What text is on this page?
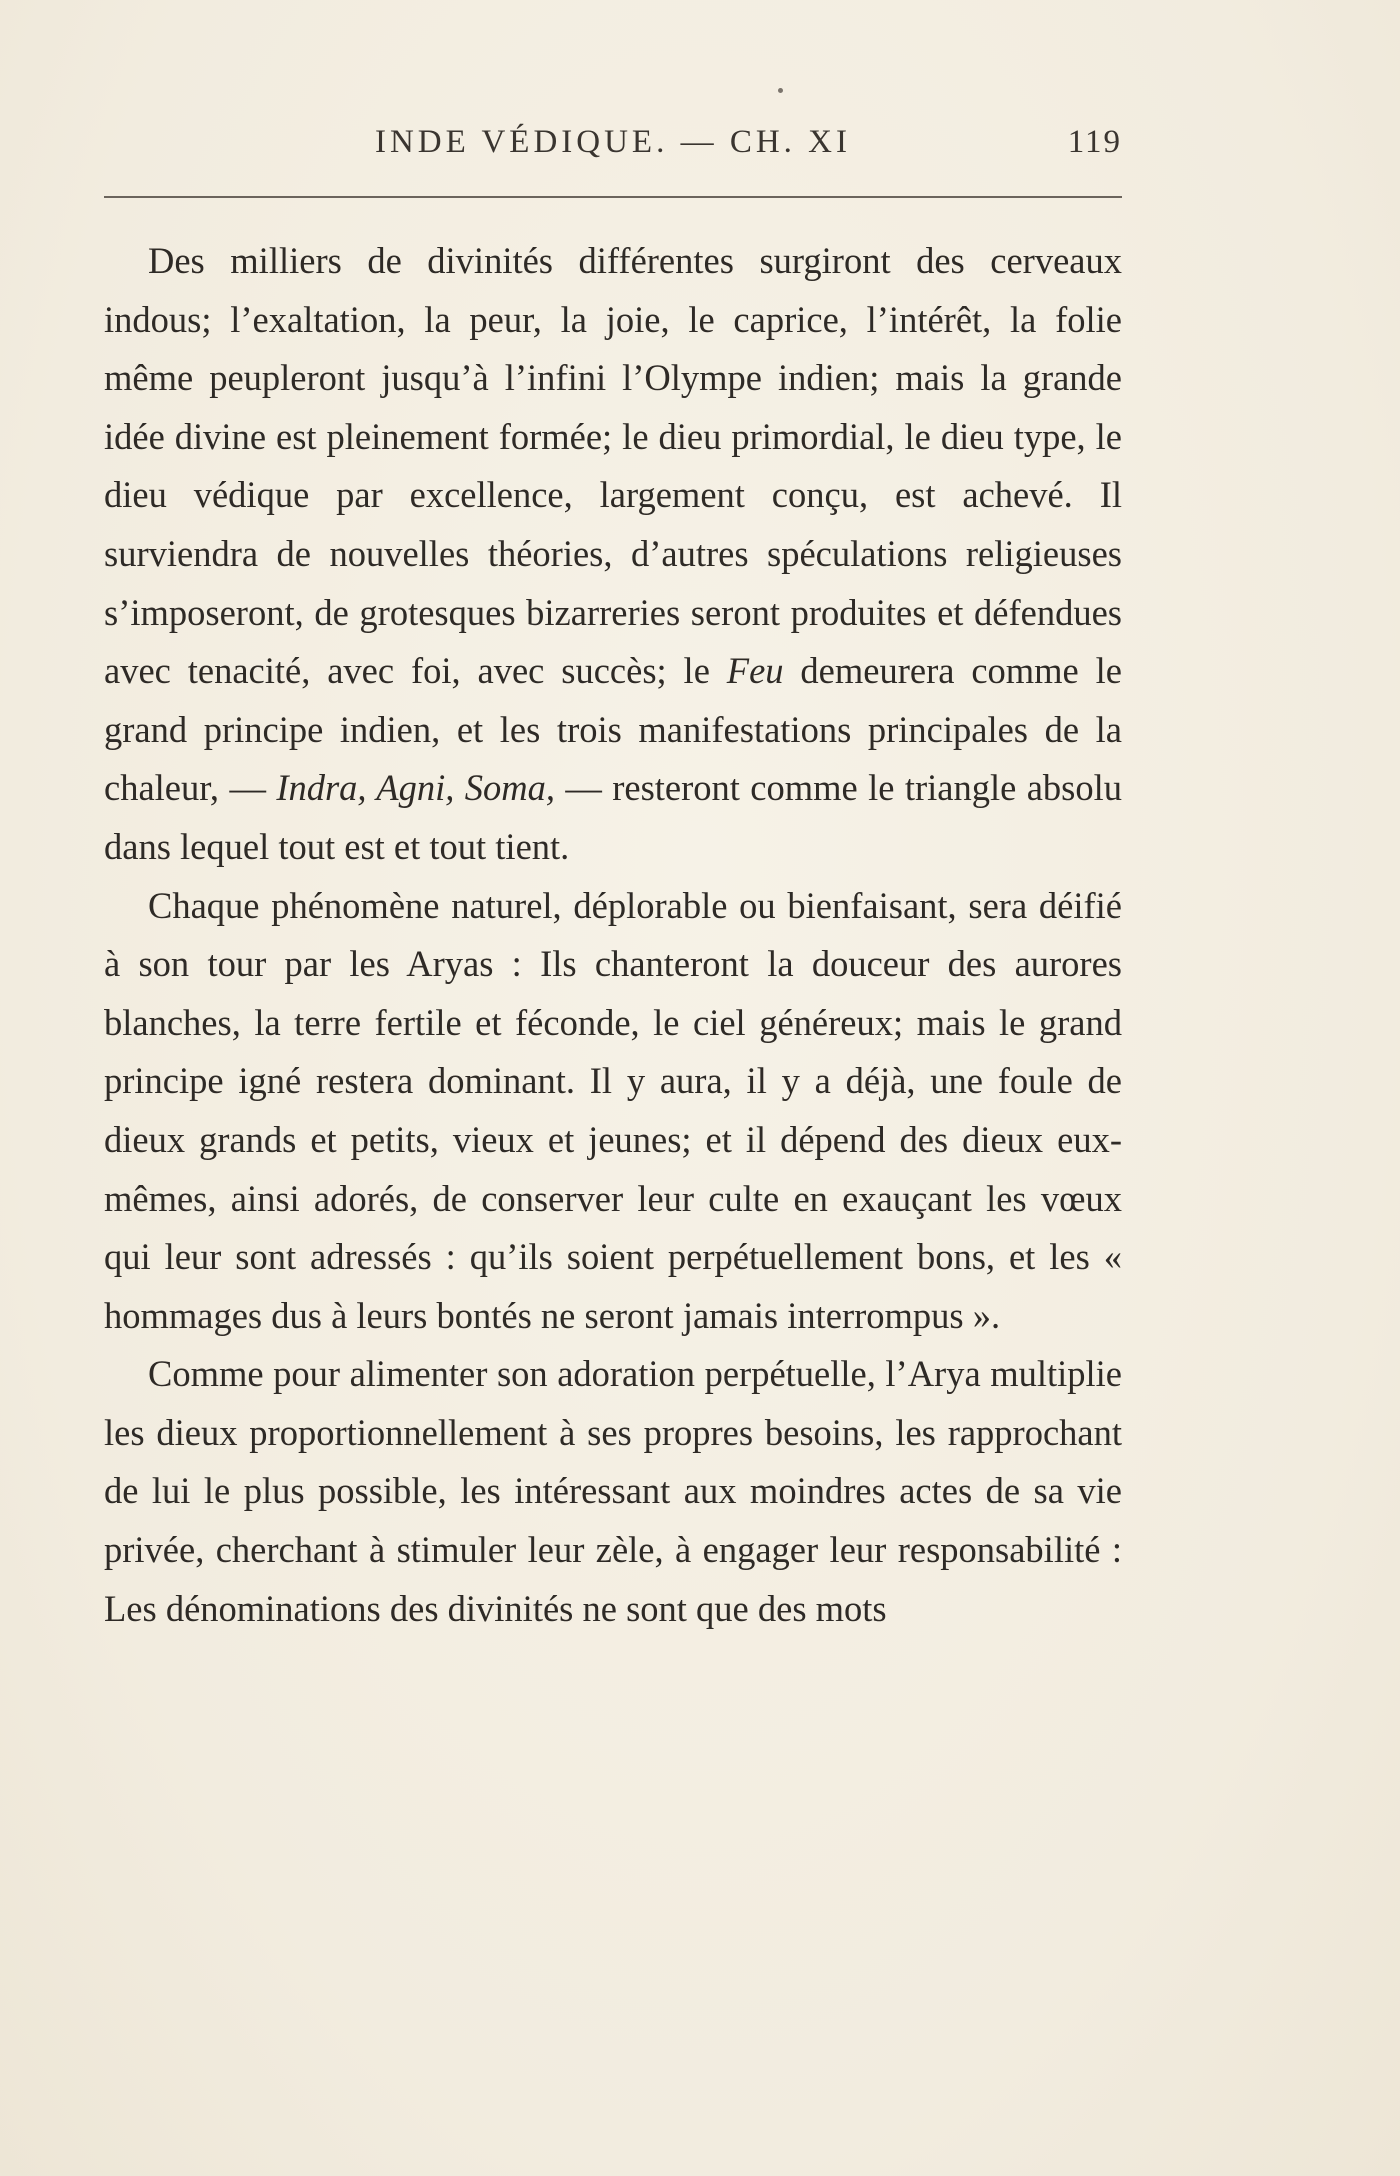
INDE VÉDIQUE. — CH. XI	119

Des milliers de divinités différentes surgiront des cerveaux indous; l’exaltation, la peur, la joie, le caprice, l’intérêt, la folie même peupleront jusqu’à l’infini l’Olympe indien; mais la grande idée divine est pleinement formée; le dieu primordial, le dieu type, le dieu védique par excellence, largement conçu, est achevé. Il surviendra de nouvelles théories, d’autres spéculations religieuses s’imposeront, de grotesques bizarreries seront produites et défendues avec tenacité, avec foi, avec succès; le Feu demeurera comme le grand principe indien, et les trois manifestations principales de la chaleur, — Indra, Agni, Soma, — resteront comme le triangle absolu dans lequel tout est et tout tient.

Chaque phénomène naturel, déplorable ou bienfaisant, sera déifié à son tour par les Aryas : Ils chanteront la douceur des aurores blanches, la terre fertile et féconde, le ciel généreux; mais le grand principe igné restera dominant. Il y aura, il y a déjà, une foule de dieux grands et petits, vieux et jeunes; et il dépend des dieux eux-mêmes, ainsi adorés, de conserver leur culte en exauçant les vœux qui leur sont adressés : qu’ils soient perpétuellement bons, et les « hommages dus à leurs bontés ne seront jamais interrompus ».

Comme pour alimenter son adoration perpétuelle, l’Arya multiplie les dieux proportionnellement à ses propres besoins, les rapprochant de lui le plus possible, les intéressant aux moindres actes de sa vie privée, cherchant à stimuler leur zèle, à engager leur responsabilité : Les dénominations des divinités ne sont que des mots
